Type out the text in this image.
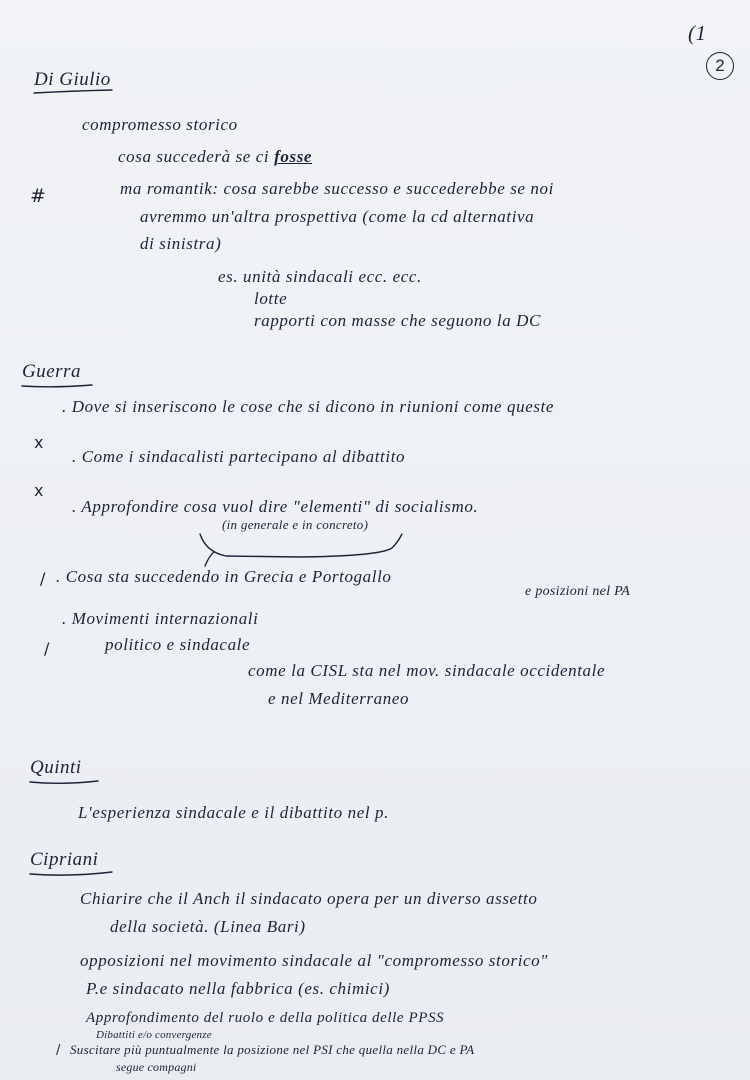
(1
2
Di Giulio
compromesso storico
cosa succederà se ci fosse
#	ma romantik: cosa sarebbe successo e succederebbe se noi
avremmo un'altra prospettiva (come la cd alternativa
di sinistra)
es. unità sindacali ecc. ecc.
lotte
rapporti con masse che seguono la DC
Guerra
. Dove si inseriscono le cose che si dicono in riunioni come queste
x
. Come i sindacalisti partecipano al dibattito
x
. Approfondire cosa vuol dire "elementi" di socialismo.
(in generale e in concreto)
/ . Cosa sta succedendo in Grecia e Portogallo
e posizioni nel PA
. Movimenti internazionali
/	politico e sindacale
come la CISL sta nel mov. sindacale occidentale
e nel Mediterraneo
Quinti
L'esperienza sindacale e il dibattito nel p.
Cipriani
Chiarire che il Anch il sindacato opera per un diverso assetto
della società. (Linea Bari)
opposizioni nel movimento sindacale al "compromesso storico"
P.e sindacato nella fabbrica (es. chimici)
Approfondimento del ruolo e della politica delle PPSS
Dibattiti e/o convergenze
/ Suscitare più puntualmente la posizione nel PSI che quella nella DC e PA
segue compagni
